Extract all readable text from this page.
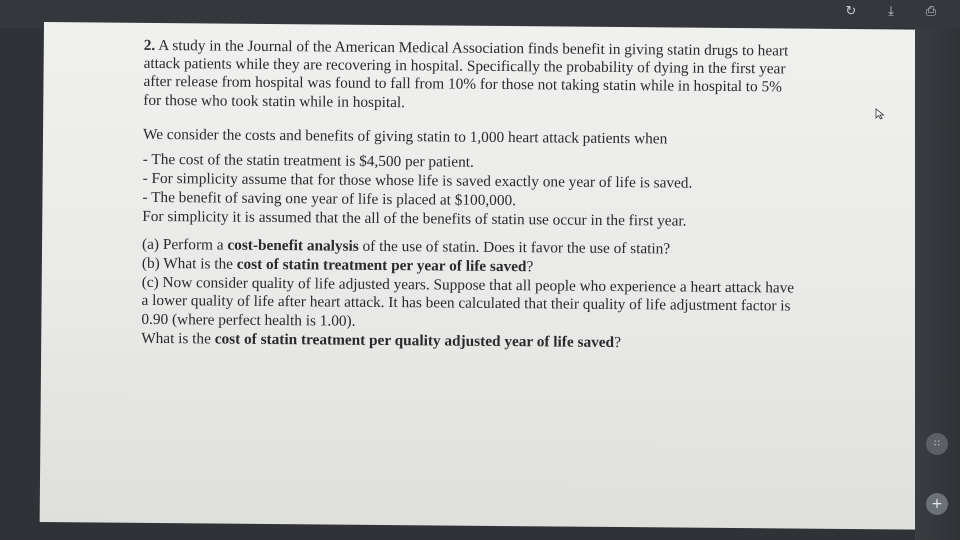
↻	⤓	⎙

2. A study in the Journal of the American Medical Association finds benefit in giving statin drugs to heart attack patients while they are recovering in hospital. Specifically the probability of dying in the first year after release from hospital was found to fall from 10% for those not taking statin while in hospital to 5% for those who took statin while in hospital.

We consider the costs and benefits of giving statin to 1,000 heart attack patients when

- The cost of the statin treatment is $4,500 per patient.

- For simplicity assume that for those whose life is saved exactly one year of life is saved.

- The benefit of saving one year of life is placed at $100,000.

For simplicity it is assumed that the all of the benefits of statin use occur in the first year.

(a) Perform a cost-benefit analysis of the use of statin. Does it favor the use of statin?

(b) What is the cost of statin treatment per year of life saved?

(c) Now consider quality of life adjusted years. Suppose that all people who experience a heart attack have a lower quality of life after heart attack. It has been calculated that their quality of life adjustment factor is 0.90 (where perfect health is 1.00).

What is the cost of statin treatment per quality adjusted year of life saved?

∷
+
